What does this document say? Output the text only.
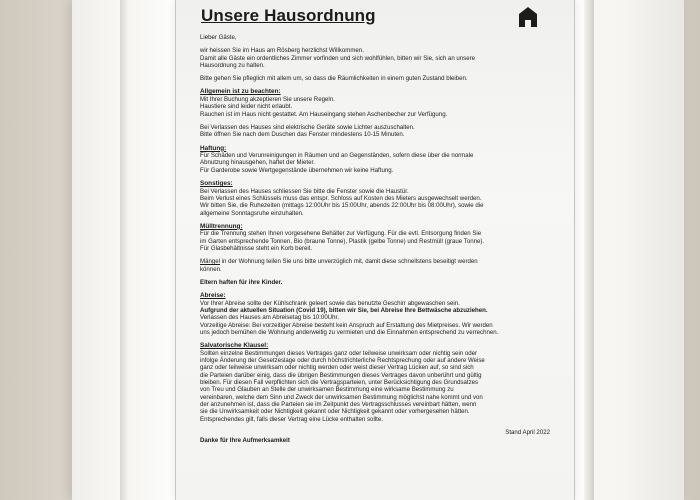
Unsere Hausordnung
Lieber Gäste,
wir heissen Sie im Haus am Rösberg herzlichst Willkommen.
Damit alle Gäste ein ordentliches Zimmer vorfinden und sich wohlfühlen, bitten wir Sie, sich an unsere
Hausordnung zu halten.
Bitte gehen Sie pfleglich mit allem um, so dass die Räumlichkeiten in einem guten Zustand bleiben.
Allgemein ist zu beachten:
Mit Ihrer Buchung akzeptieren Sie unsere Regeln.
Haustiere sind leider nicht erlaubt.
Rauchen ist im Haus nicht gestattet. Am Hauseingang stehen Aschenbecher zur Verfügung.
Bei Verlassen des Hauses sind elektrische Geräte sowie Lichter auszuschalten.
Bitte öffnen Sie nach dem Duschen das Fenster mindestens 10-15 Minuten.
Haftung:
Für Schäden und Verunreinigungen in Räumen und an Gegenständen, sofern diese über die normale
Abnutzung hinausgehen, haftet der Mieter.
Für Garderobe sowie Wertgegenstände übernehmen wir keine Haftung.
Sonstiges:
Bei Verlassen des Hauses schliessen Sie bitte die Fenster sowie die Haustür.
Beim Verlust eines Schlüssels muss das entspr. Schloss auf Kosten des Mieters ausgewechselt werden.
Wir bitten Sie, die Ruhezeiten (mittags 12:00Uhr bis 15:00Uhr, abends 22:00Uhr bis 08:00Uhr), sowie die
allgemeine Sonntagsruhe einzuhalten.
Mülltrennung:
Für die Trennung stehen Ihnen vorgesehene Behälter zur Verfügung. Für die evtl. Entsorgung finden Sie
im Garten entsprechende Tonnen, Bio (braune Tonne), Plastik (gelbe Tonne) und Restmüll (graue Tonne).
Für Glasbehältnisse steht ein Korb bereit.
Mängel in der Wohnung teilen Sie uns bitte unverzüglich mit, damit diese schnellstens beseitigt werden
können.
Eltern haften für ihre Kinder.
Abreise:
Vor Ihrer Abreise sollte der Kühlschrank geleert sowie das benutzte Geschirr abgewaschen sein.
Aufgrund der aktuellen Situation (Covid 19), bitten wir Sie, bei Abreise Ihre Bettwäsche abzuziehen.
Verlassen des Hauses am Abreisetag bis 10:00Uhr.
Vorzeitige Abreise: Bei vorzeitiger Abreise besteht kein Anspruch auf Erstattung des Mietpreises. Wir werden
uns jedoch bemühen die Wohnung anderweitig zu vermieten und die Einnahmen entsprechend zu verrechnen.
Salvatorische Klausel:
Sollten einzelne Bestimmungen dieses Vertrages ganz oder teilweise unwirksam oder nichtig sein oder
infolge Änderung der Gesetzeslage oder durch höchstrichterliche Rechtsprechung oder auf andere Weise
ganz oder teilweise unwirksam oder nichtig werden oder weist dieser Vertrag Lücken auf, so sind sich
die Parteien darüber einig, dass die übrigen Bestimmungen dieses Vertrages davon unberührt und gültig
bleiben. Für diesen Fall verpflichten sich die Vertragsparteien, unter Berücksichtigung des Grundsatzes
von Treu und Glauben an Stelle der unwirksamen Bestimmung eine wirksame Bestimmung zu
vereinbaren, welche dem Sinn und Zweck der unwirksamen Bestimmung möglichst nahe kommt und von
der anzunehmen ist, dass die Parteien sie im Zeitpunkt des Vertragsschlusses vereinbart hätten, wenn
sie die Unwirksamkeit oder Nichtigkeit gekannt oder Nichtigkeit gekannt oder vorhergesehen hätten.
Entsprechendes gilt, falls dieser Vertrag eine Lücke enthalten sollte.
Danke für Ihre Aufmerksamkeit
Stand April 2022
